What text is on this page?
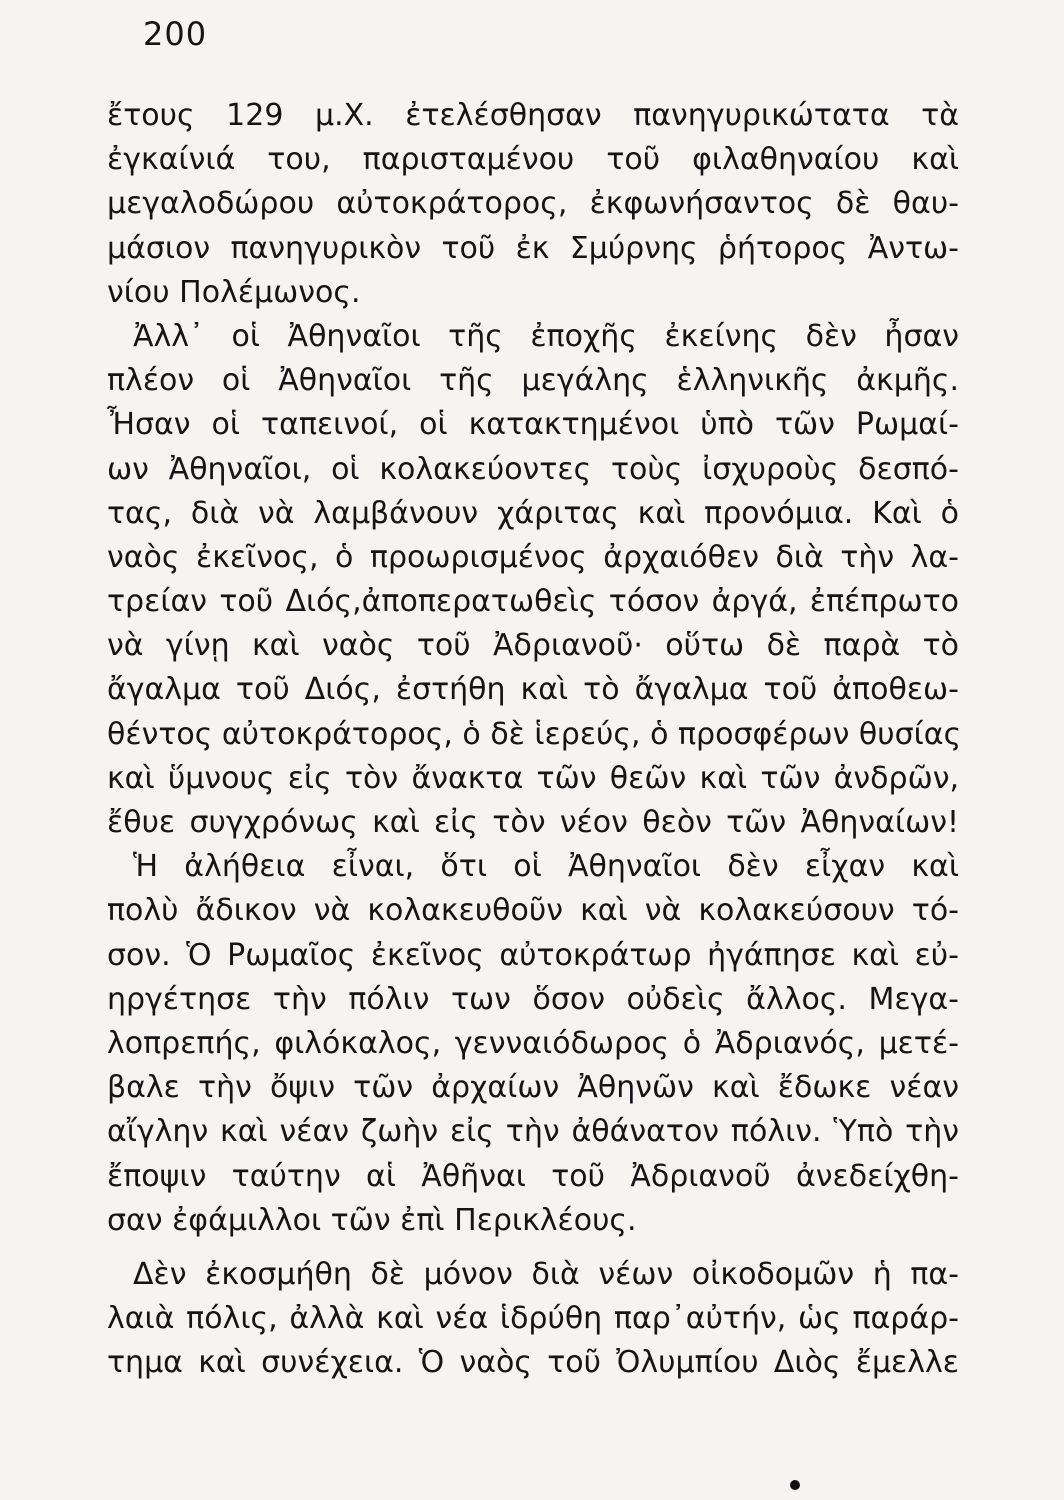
200
ἔτους 129 μ.Χ. ἐτελέσθησαν πανηγυρικώτατα τὰ
ἐγκαίνιά του, παρισταμένου τοῦ φιλαθηναίου καὶ
μεγαλοδώρου αὐτοκράτορος, ἐκφωνήσαντος δὲ θαυ-
μάσιον πανηγυρικὸν τοῦ ἐκ Σμύρνης ῥήτορος Ἀντω-
νίου Πολέμωνος.
Ἀλλ᾽ οἱ Ἀθηναῖοι τῆς ἐποχῆς ἐκείνης δὲν ἦσαν
πλέον οἱ Ἀθηναῖοι τῆς μεγάλης ἑλληνικῆς ἀκμῆς.
Ἦσαν οἱ ταπεινοί, οἱ κατακτημένοι ὑπὸ τῶν Ρωμαί-
ων Ἀθηναῖοι, οἱ κολακεύοντες τοὺς ἰσχυροὺς δεσπό-
τας, διὰ νὰ λαμβάνουν χάριτας καὶ προνόμια. Καὶ ὁ
ναὸς ἐκεῖνος, ὁ προωρισμένος ἀρχαιόθεν διὰ τὴν λα-
τρείαν τοῦ Διός,ἀποπερατωθεὶς τόσον ἀργά, ἐπέπρωτο
νὰ γίνῃ καὶ ναὸς τοῦ Ἀδριανοῦ· οὕτω δὲ παρὰ τὸ
ἄγαλμα τοῦ Διός, ἐστήθη καὶ τὸ ἄγαλμα τοῦ ἀποθεω-
θέντος αὐτοκράτορος, ὁ δὲ ἱερεύς, ὁ προσφέρων θυσίας
καὶ ὕμνους εἰς τὸν ἄνακτα τῶν θεῶν καὶ τῶν ἀνδρῶν,
ἔθυε συγχρόνως καὶ εἰς τὸν νέον θεὸν τῶν Ἀθηναίων!
Ἡ ἀλήθεια εἶναι, ὅτι οἱ Ἀθηναῖοι δὲν εἶχαν καὶ
πολὺ ἄδικον νὰ κολακευθοῦν καὶ νὰ κολακεύσουν τό-
σον. Ὁ Ρωμαῖος ἐκεῖνος αὐτοκράτωρ ἠγάπησε καὶ εὐ-
ηργέτησε τὴν πόλιν των ὅσον οὐδεὶς ἄλλος. Μεγα-
λοπρεπής, φιλόκαλος, γενναιόδωρος ὁ Ἀδριανός, μετέ-
βαλε τὴν ὄψιν τῶν ἀρχαίων Ἀθηνῶν καὶ ἔδωκε νέαν
αἴγλην καὶ νέαν ζωὴν εἰς τὴν ἀθάνατον πόλιν. Ὑπὸ τὴν
ἔποψιν ταύτην αἱ Ἀθῆναι τοῦ Ἀδριανοῦ ἀνεδείχθη-
σαν ἐφάμιλλοι τῶν ἐπὶ Περικλέους.
Δὲν ἐκοσμήθη δὲ μόνον διὰ νέων οἰκοδομῶν ἡ πα-
λαιὰ πόλις, ἀλλὰ καὶ νέα ἱδρύθη παρ᾽αὐτήν, ὡς παράρ-
τημα καὶ συνέχεια. Ὁ ναὸς τοῦ Ὀλυμπίου Διὸς ἔμελλε
